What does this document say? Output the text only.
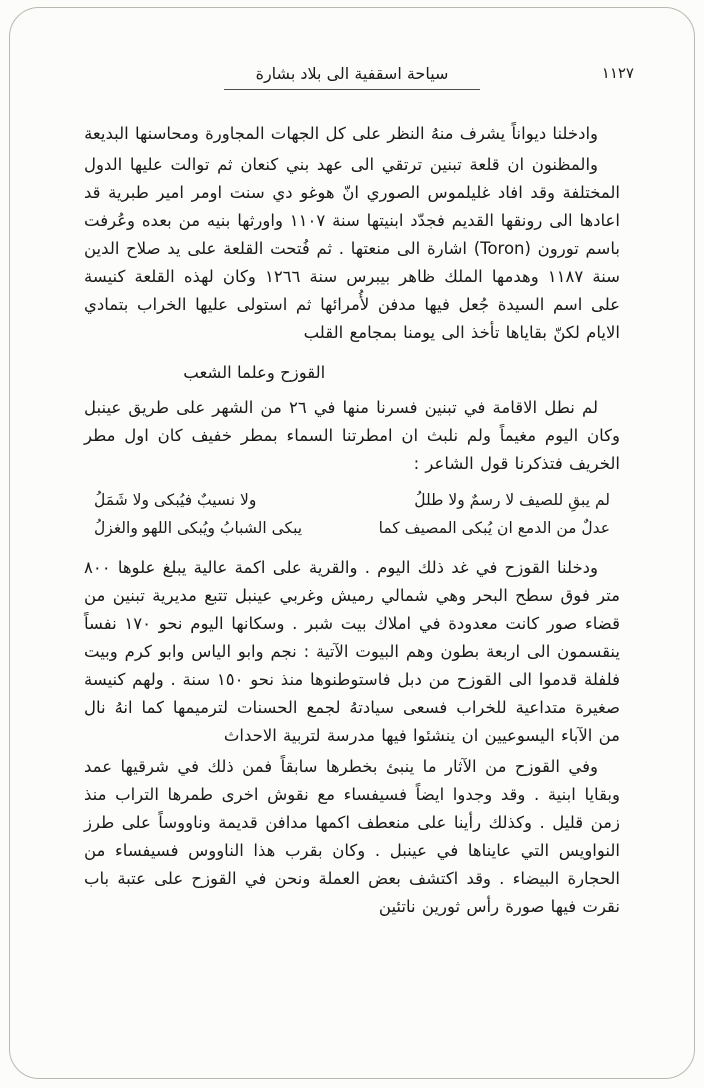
سياحة اسقفية الى بلاد بشارة	١١٢٧

وادخلنا ديواناً يشرف منهُ النظر على كل الجهات المجاورة ومحاسنها البديعة

والمظنون ان قلعة تبنين ترتقي الى عهد بني كنعان ثم توالت عليها الدول المختلفة وقد افاد غليلموس الصوري انّ هوغو دي سنت اومر امير طبرية قد اعادها الى رونقها القديم فجدّد ابنيتها سنة ١١٠٧ واورثها بنيه من بعده وعُرفت باسم تورون (Toron) اشارة الى منعتها . ثم فُتحت القلعة على يد صلاح الدين سنة ١١٨٧ وهدمها الملك ظاهر بيبرس سنة ١٢٦٦ وكان لهذه القلعة كنيسة على اسم السيدة جُعل فيها مدفن لأُمرائها ثم استولى عليها الخراب بتمادي الايام لكنّ بقاياها تأخذ الى يومنا بمجامع القلب

القوزح وعلما الشعب

لم نطل الاقامة في تبنين فسرنا منها في ٢٦ من الشهر على طريق عينبل وكان اليوم مغيماً ولم نلبث ان امطرتنا السماء بمطر خفيف كان اول مطر الخريف فتذكرنا قول الشاعر :

لم يبقِ للصيف لا رسمٌ ولا طللُ
ولا نسيبٌ فيُبكى ولا شَمَلُ
عدلٌ من الدمع ان يُبكى المصيف كما
يبكى الشبابُ ويُبكى اللهو والغزلُ

ودخلنا القوزح في غد ذلك اليوم . والقرية على اكمة عالية يبلغ علوها ٨٠٠ متر فوق سطح البحر وهي شمالي رميش وغربي عينبل تتبع مديرية تبنين من قضاء صور كانت معدودة في املاك بيت شبر . وسكانها اليوم نحو ١٧٠ نفساً ينقسمون الى اربعة بطون وهم البيوت الآتية : نجم وابو الياس وابو كرم وبيت فلفلة قدموا الى القوزح من دبل فاستوطنوها منذ نحو ١٥٠ سنة . ولهم كنيسة صغيرة متداعية للخراب فسعى سيادتهُ لجمع الحسنات لترميمها كما انهُ نال من الآباء اليسوعيين ان ينشئوا فيها مدرسة لتربية الاحداث

وفي القوزح من الآثار ما ينبئ بخطرها سابقاً فمن ذلك في شرقيها عمد وبقايا ابنية . وقد وجدوا ايضاً فسيفساء مع نقوش اخرى طمرها التراب منذ زمن قليل . وكذلك رأينا على منعطف اكمها مدافن قديمة وناووساً على طرز النواويس التي عايناها في عينبل . وكان بقرب هذا الناووس فسيفساء من الحجارة البيضاء . وقد اكتشف بعض العملة ونحن في القوزح على عتبة باب نقرت فيها صورة رأس ثورين ناتئين
